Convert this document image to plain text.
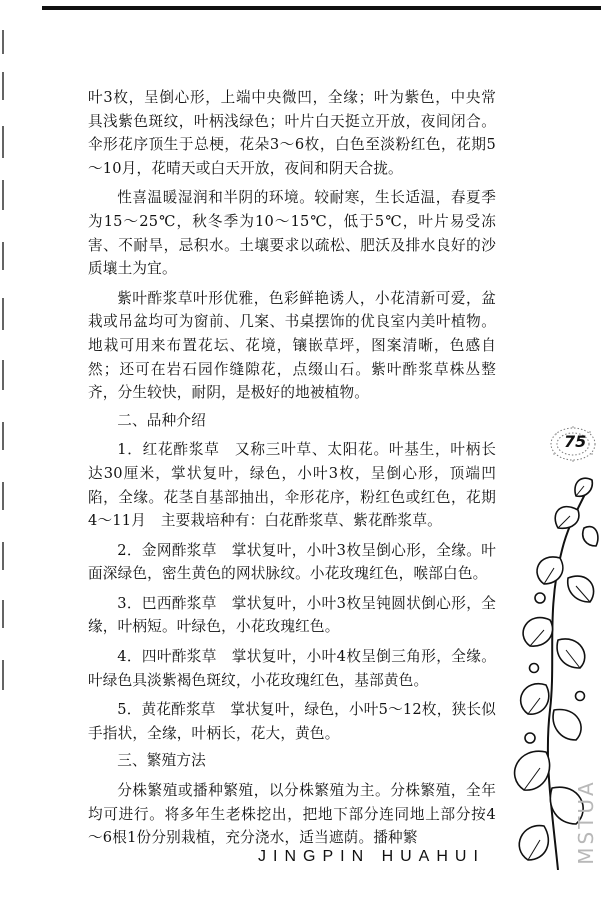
叶3枚，呈倒心形，上端中央微凹，全缘；叶为紫色，中央常具浅紫色斑纹，叶柄浅绿色；叶片白天挺立开放，夜间闭合。伞形花序顶生于总梗，花朵3～6枚，白色至淡粉红色，花期5～10月，花晴天或白天开放，夜间和阴天合拢。

性喜温暖湿润和半阴的环境。较耐寒，生长适温，春夏季为15～25℃，秋冬季为10～15℃，低于5℃，叶片易受冻害、不耐旱，忌积水。土壤要求以疏松、肥沃及排水良好的沙质壤土为宜。

紫叶酢浆草叶形优雅，色彩鲜艳诱人，小花清新可爱，盆栽或吊盆均可为窗前、几案、书桌摆饰的优良室内美叶植物。地栽可用来布置花坛、花境，镶嵌草坪，图案清晰，色感自然；还可在岩石园作缝隙花，点缀山石。紫叶酢浆草株丛整齐，分生较快，耐阴，是极好的地被植物。

二、品种介绍

1．红花酢浆草　又称三叶草、太阳花。叶基生，叶柄长达30厘米，掌状复叶，绿色，小叶3枚，呈倒心形，顶端凹陷，全缘。花茎自基部抽出，伞形花序，粉红色或红色，花期4～11月　主要栽培种有：白花酢浆草、紫花酢浆草。

2．金网酢浆草　掌状复叶，小叶3枚呈倒心形，全缘。叶面深绿色，密生黄色的网状脉纹。小花玫瑰红色，喉部白色。

3．巴西酢浆草　掌状复叶，小叶3枚呈钝圆状倒心形，全缘，叶柄短。叶绿色，小花玫瑰红色。

4．四叶酢浆草　掌状复叶，小叶4枚呈倒三角形，全缘。叶绿色具淡紫褐色斑纹，小花玫瑰红色，基部黄色。

5．黄花酢浆草　掌状复叶，绿色，小叶5～12枚，狭长似手指状，全缘，叶柄长，花大，黄色。

三、繁殖方法

分株繁殖或播种繁殖，以分株繁殖为主。分株繁殖，全年均可进行。将多年生老株挖出，把地下部分连同地上部分按4～6根1份分别栽植，充分浇水，适当遮荫。播种繁

75
JINGPIN HUAHUI	MSTUA
